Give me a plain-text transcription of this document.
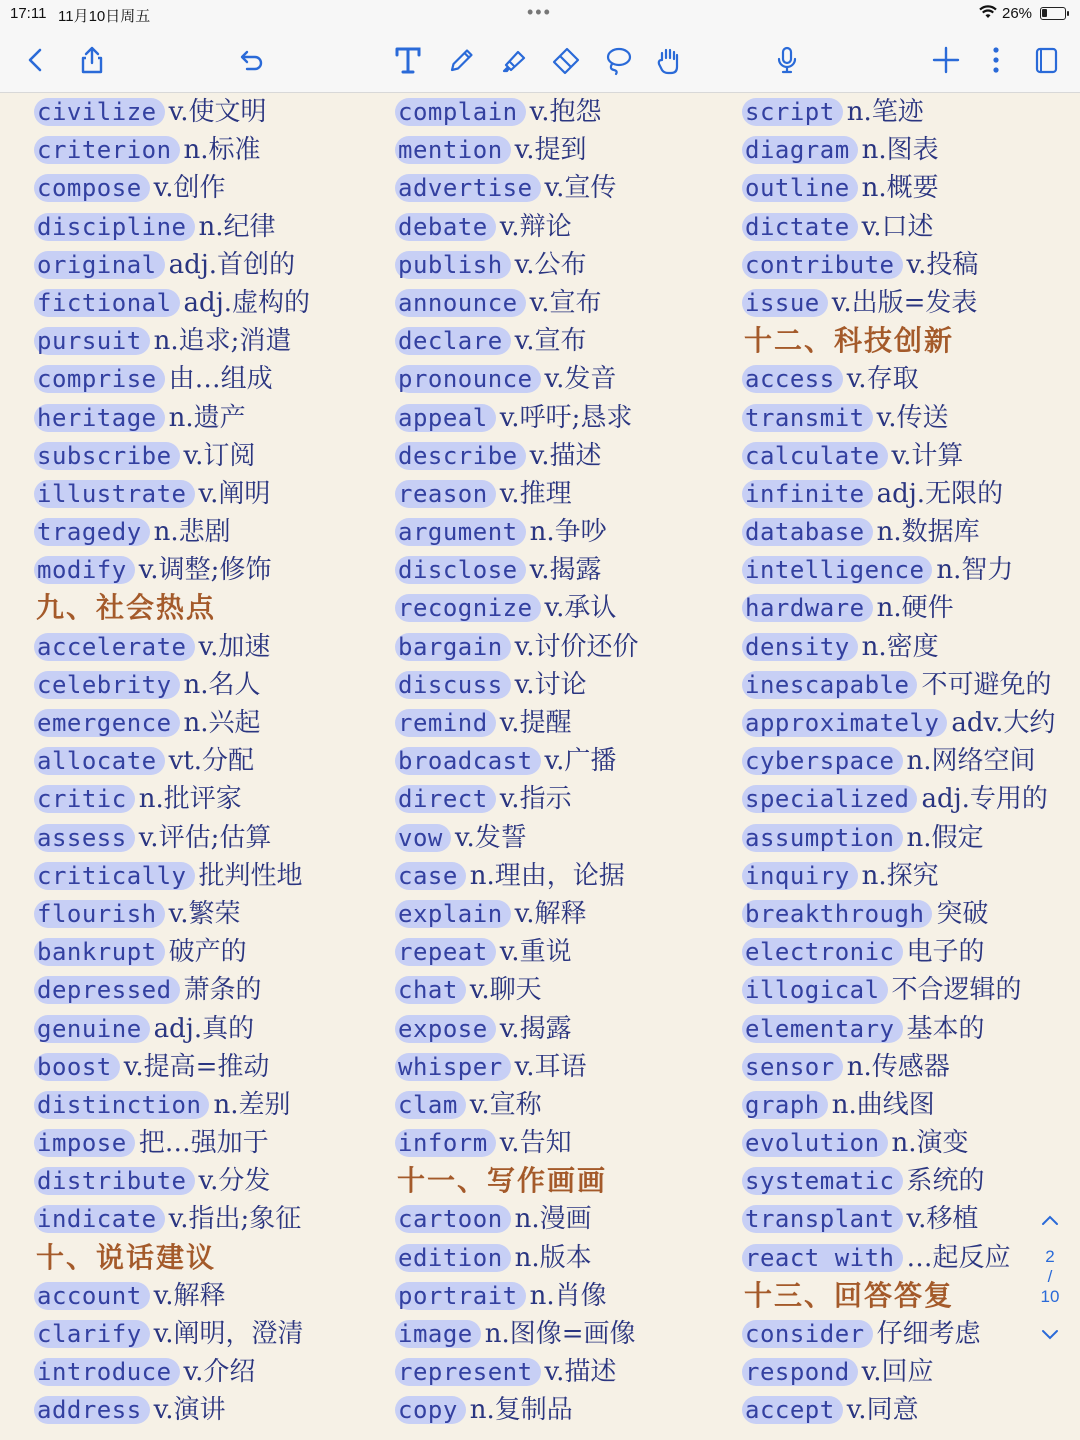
17:11 11月10日周五	•••	26%
civilize v.使文明
criterion n.标准
compose v.创作
discipline n.纪律
original adj.首创的
fictional adj.虚构的
pursuit n.追求;消遣
comprise 由…组成
heritage n.遗产
subscribe v.订阅
illustrate v.阐明
tragedy n.悲剧
modify v.调整;修饰
九、社会热点
accelerate v.加速
celebrity n.名人
emergence n.兴起
allocate vt.分配
critic n.批评家
assess v.评估;估算
critically 批判性地
flourish v.繁荣
bankrupt 破产的
depressed 萧条的
genuine adj.真的
boost v.提高=推动
distinction n.差别
impose 把…强加于
distribute v.分发
indicate v.指出;象征
十、说话建议
account v.解释
clarify v.阐明，澄清
introduce v.介绍
address v.演讲
complain v.抱怨
mention v.提到
advertise v.宣传
debate v.辩论
publish v.公布
announce v.宣布
declare v.宣布
pronounce v.发音
appeal v.呼吁;恳求
describe v.描述
reason v.推理
argument n.争吵
disclose v.揭露
recognize v.承认
bargain v.讨价还价
discuss v.讨论
remind v.提醒
broadcast v.广播
direct v.指示
vow v.发誓
case n.理由，论据
explain v.解释
repeat v.重说
chat v.聊天
expose v.揭露
whisper v.耳语
clam v.宣称
inform v.告知
十一、写作画画
cartoon n.漫画
edition n.版本
portrait n.肖像
image n.图像=画像
represent v.描述
copy n.复制品
script n.笔迹
diagram n.图表
outline n.概要
dictate v.口述
contribute v.投稿
issue v.出版=发表
十二、科技创新
access v.存取
transmit v.传送
calculate v.计算
infinite adj.无限的
database n.数据库
intelligence n.智力
hardware n.硬件
density n.密度
inescapable 不可避免的
approximately adv.大约
cyberspace n.网络空间
specialized adj.专用的
assumption n.假定
inquiry n.探究
breakthrough 突破
electronic 电子的
illogical 不合逻辑的
elementary 基本的
sensor n.传感器
graph n.曲线图
evolution n.演变
systematic 系统的
transplant v.移植
react with …起反应
十三、回答答复
consider 仔细考虑
respond v.回应
accept v.同意
2
/
10
